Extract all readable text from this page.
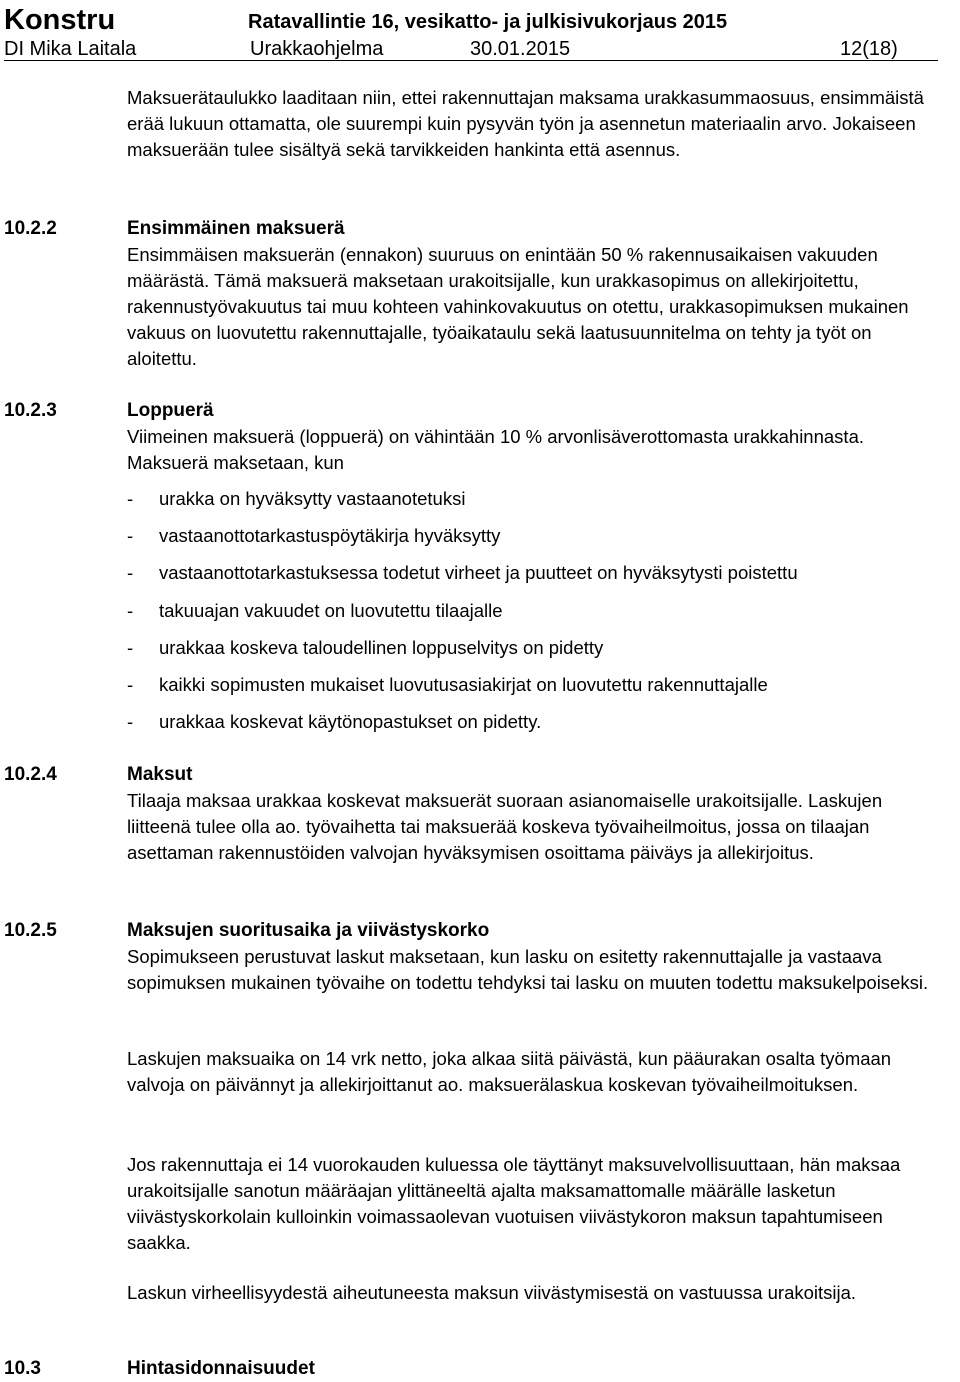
Konstru	Ratavallintie 16, vesikatto- ja julkisivukorjaus 2015
DI Mika Laitala	Urakkaohjelma	30.01.2015	12(18)
Maksuerätaulukko laaditaan niin, ettei rakennuttajan maksama urakkasummaosuus, ensimmäistä erää lukuun ottamatta, ole suurempi kuin pysyvän työn ja asennetun materiaalin arvo. Jokaiseen maksuerään tulee sisältyä sekä tarvikkeiden hankinta että asennus.
10.2.2	Ensimmäinen maksuerä
Ensimmäisen maksuerän (ennakon) suuruus on enintään 50 % rakennusaikaisen vakuuden määrästä. Tämä maksuerä maksetaan urakoitsijalle, kun urakkasopimus on allekirjoitettu, rakennustyövakuutus tai muu kohteen vahinkovakuutus on otettu, urakkasopimuksen mukainen vakuus on luovutettu rakennuttajalle, työaikataulu sekä laatusuunnitelma on tehty ja työt on aloitettu.
10.2.3	Loppuerä
Viimeinen maksuerä (loppuerä) on vähintään 10 % arvonlisäverottomasta urakkahinnasta. Maksuerä maksetaan, kun
- urakka on hyväksytty vastaanotetuksi
- vastaanottotarkastuspöytäkirja hyväksytty
- vastaanottotarkastuksessa todetut virheet ja puutteet on hyväksytysti poistettu
- takuuajan vakuudet on luovutettu tilaajalle
- urakkaa koskeva taloudellinen loppuselvitys on pidetty
- kaikki sopimusten mukaiset luovutusasiakirjat on luovutettu rakennuttajalle
- urakkaa koskevat käytönopastukset on pidetty.
10.2.4	Maksut
Tilaaja maksaa urakkaa koskevat maksuerät suoraan asianomaiselle urakoitsijalle. Laskujen liitteenä tulee olla ao. työvaihetta tai maksuerää koskeva työvaiheilmoitus, jossa on tilaajan asettaman rakennustöiden valvojan hyväksymisen osoittama päiväys ja allekirjoitus.
10.2.5	Maksujen suoritusaika ja viivästyskorko
Sopimukseen perustuvat laskut maksetaan, kun lasku on esitetty rakennuttajalle ja vastaava sopimuksen mukainen työvaihe on todettu tehdyksi tai lasku on muuten todettu maksukelpoiseksi.
Laskujen maksuaika on 14 vrk netto, joka alkaa siitä päivästä, kun pääurakan osalta työmaan valvoja on päivännyt ja allekirjoittanut ao. maksuerälaskua koskevan työvaiheilmoituksen.
Jos rakennuttaja ei 14 vuorokauden kuluessa ole täyttänyt maksuvelvollisuuttaan, hän maksaa urakoitsijalle sanotun määräajan ylittäneeltä ajalta maksamattomalle määrälle lasketun viivästyskorkolain kulloinkin voimassaolevan vuotuisen viivästykoron maksun tapahtumiseen saakka.
Laskun virheellisyydestä aiheutuneesta maksun viivästymisestä on vastuussa urakoitsija.
10.3	Hintasidonnaisuudet
